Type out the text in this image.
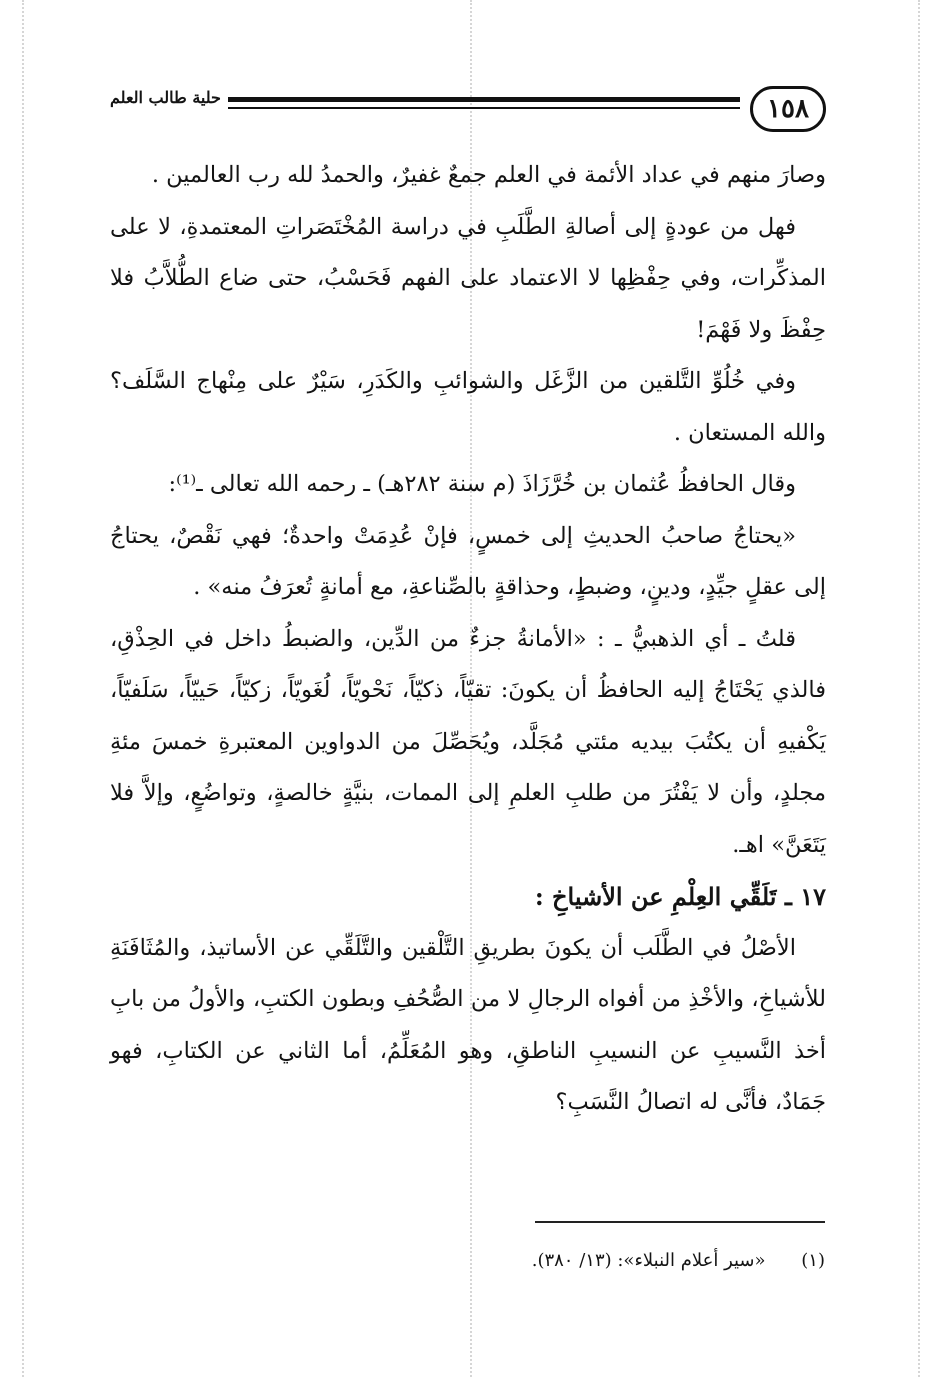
١٥٨
حلية طالب العلم

وصارَ منهم في عداد الأئمة في العلم جمعٌ غفيرٌ، والحمدُ لله رب العالمين .

فهل من عودةٍ إلى أصالةِ الطَّلَبِ في دراسة المُخْتَصَراتِ المعتمدةِ، لا على المذكِّرات، وفي حِفْظِها لا الاعتماد على الفهم فَحَسْبُ، حتى ضاع الطُّلاَّبُ فلا حِفْظَ ولا فَهْمَ!

وفي خُلُوِّ التَّلقين من الزَّغَل والشوائبِ والكَدَرِ، سَيْرٌ على مِنْهاج السَّلَف؟ والله المستعان .

وقال الحافظُ عُثمان بن خُرَّزَاذَ (م سنة ٢٨٢هـ) ـ رحمه الله تعالى ـ⁽¹⁾:

«يحتاجُ صاحبُ الحديثِ إلى خمسٍ، فإنْ عُدِمَتْ واحدةٌ؛ فهي نَقْصٌ، يحتاجُ إلى عقلٍ جيِّدٍ، ودينٍ، وضبطٍ، وحذاقةٍ بالصِّناعةِ، مع أمانةٍ تُعرَفُ منه» .

قلتُ ـ أي الذهبيُّ ـ : «الأمانةُ جزءٌ من الدِّين، والضبطُ داخل في الحِذْقِ، فالذي يَحْتَاجُ إليه الحافظُ أن يكونَ: تقيّاً، ذكيّاً، نَحْويّاً، لُغَويّاً، زكيّاً، حَييّاً، سَلَفيّاً، يَكْفيهِ أن يكتُبَ بيديه مئتي مُجَلَّد، ويُحَصِّلَ من الدواوين المعتبرةِ خمسَ مئةِ مجلدٍ، وأن لا يَفْتُرَ من طلبِ العلمِ إلى الممات، بنيَّةٍ خالصةٍ، وتواضُعٍ، وإلاَّ فلا يَتَعَنَّ» اهـ.

١٧ ـ تَلَقِّي العِلْمِ عن الأشياخِ :

الأصْلُ في الطَّلَب أن يكونَ بطريقِ التَّلْقين والتَّلَقِّي عن الأساتيذ، والمُثَافَنَةِ للأشياخِ، والأخْذِ من أفواه الرجالِ لا من الصُّحُفِ وبطون الكتبِ، والأولُ من بابِ أخذ النَّسيبِ عن النسيبِ الناطقِ، وهو المُعَلِّمُ، أما الثاني عن الكتابِ، فهو جَمَادٌ، فأنَّى له اتصالُ النَّسَبِ؟

(١) «سير أعلام النبلاء»: (١٣/ ٣٨٠).
